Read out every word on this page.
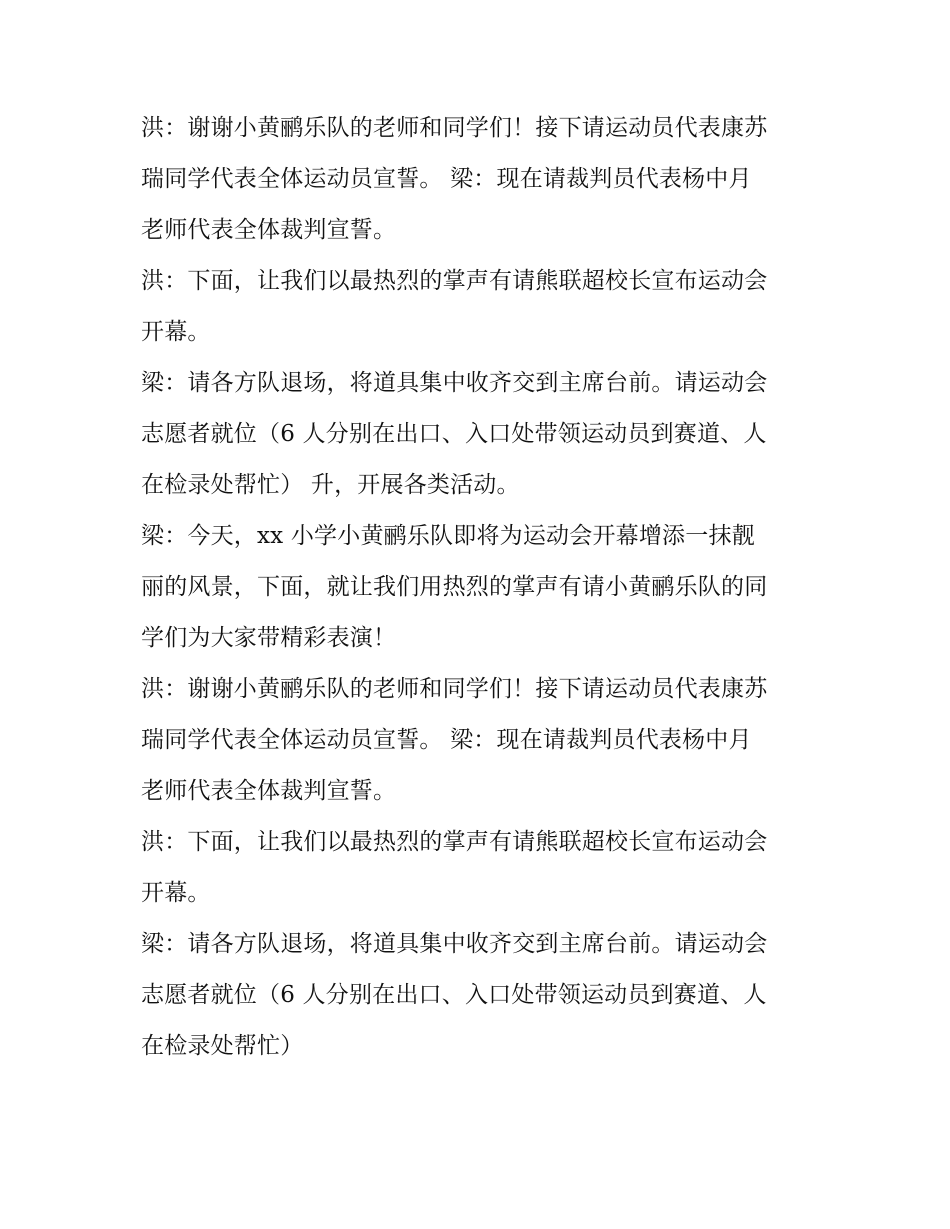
洪：谢谢小黄鹂乐队的老师和同学们！接下请运动员代表康苏
瑞同学代表全体运动员宣誓。 梁：现在请裁判员代表杨中月
老师代表全体裁判宣誓。
洪：下面，让我们以最热烈的掌声有请熊联超校长宣布运动会
开幕。
梁：请各方队退场，将道具集中收齐交到主席台前。请运动会
志愿者就位（6 人分别在出口、入口处带领运动员到赛道、人
在检录处帮忙） 升，开展各类活动。
梁：今天，xx 小学小黄鹂乐队即将为运动会开幕增添一抹靓
丽的风景，下面，就让我们用热烈的掌声有请小黄鹂乐队的同
学们为大家带精彩表演！
洪：谢谢小黄鹂乐队的老师和同学们！接下请运动员代表康苏
瑞同学代表全体运动员宣誓。 梁：现在请裁判员代表杨中月
老师代表全体裁判宣誓。
洪：下面，让我们以最热烈的掌声有请熊联超校长宣布运动会
开幕。
梁：请各方队退场，将道具集中收齐交到主席台前。请运动会
志愿者就位（6 人分别在出口、入口处带领运动员到赛道、人
在检录处帮忙）
